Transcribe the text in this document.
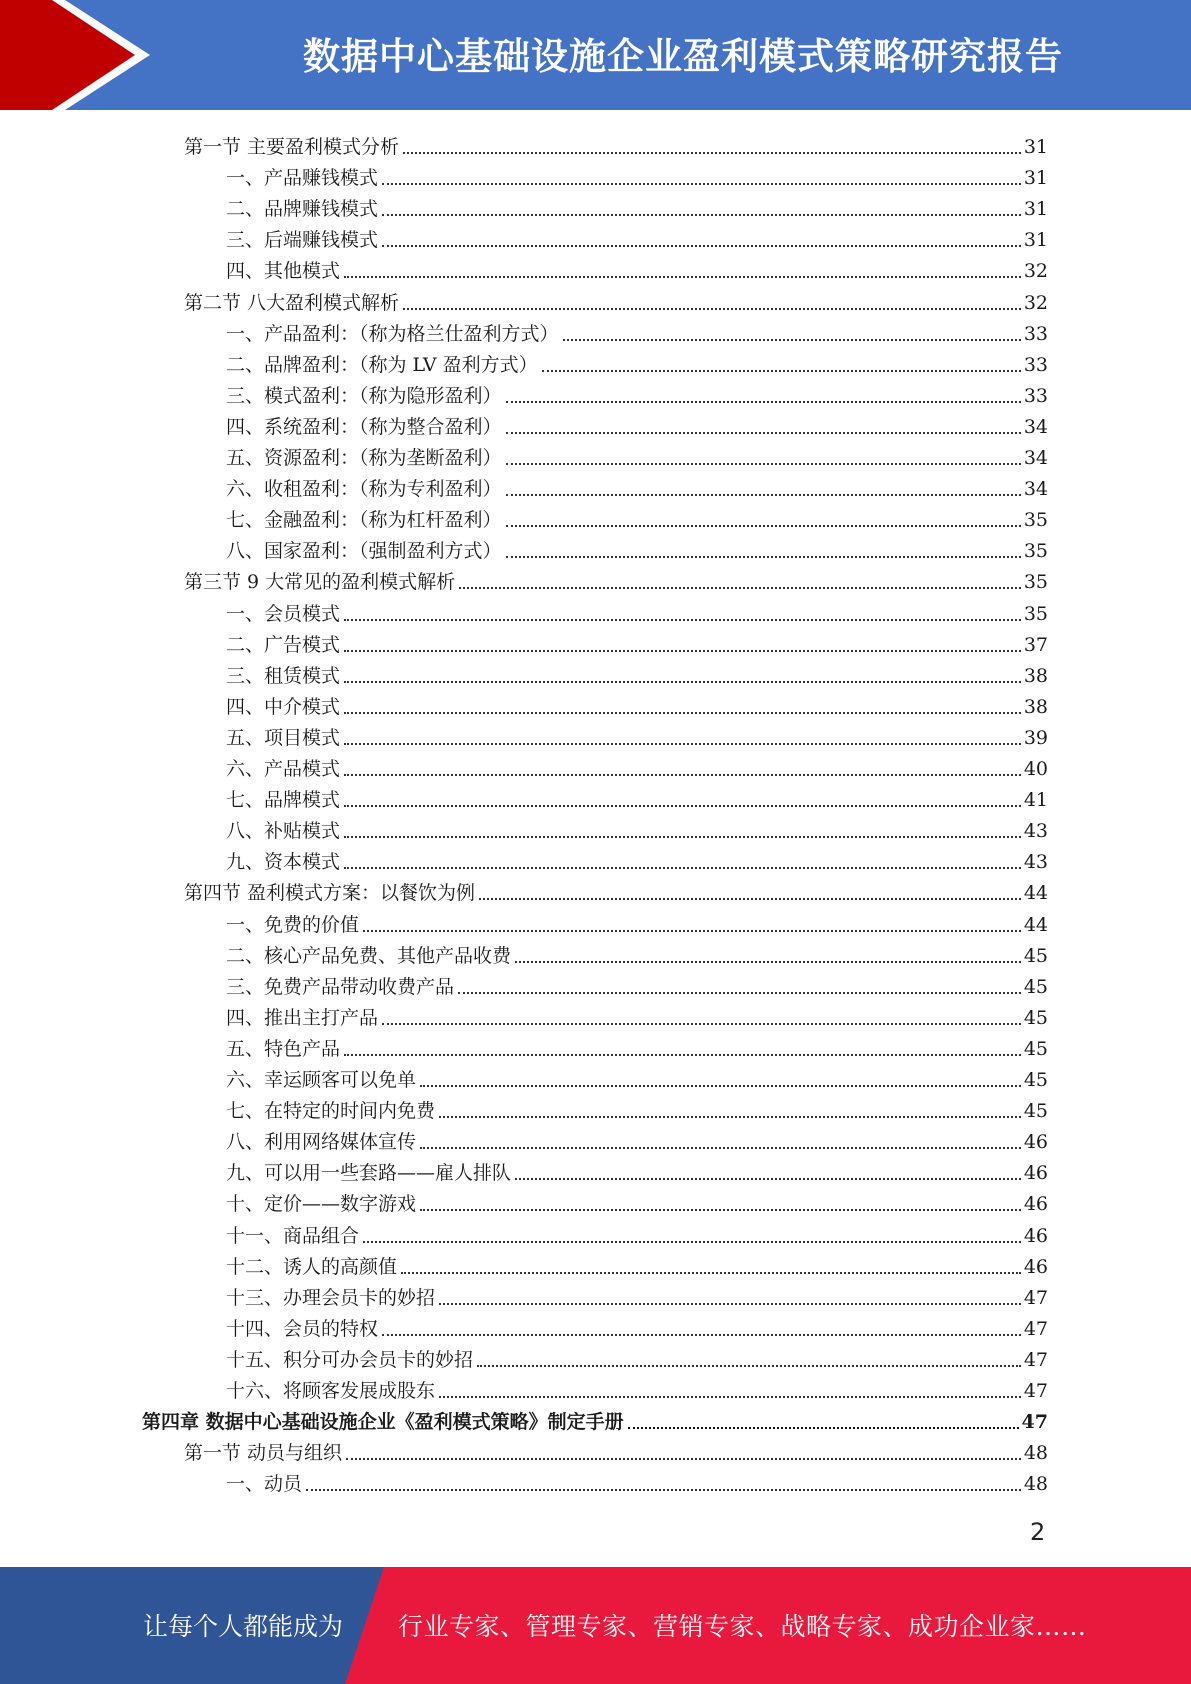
数据中心基础设施企业盈利模式策略研究报告
第一节 主要盈利模式分析	31
一、产品赚钱模式	31
二、品牌赚钱模式	31
三、后端赚钱模式	31
四、其他模式	32
第二节 八大盈利模式解析	32
一、产品盈利：（称为格兰仕盈利方式）	33
二、品牌盈利：（称为 LV 盈利方式）	33
三、模式盈利：（称为隐形盈利）	33
四、系统盈利：（称为整合盈利）	34
五、资源盈利：（称为垄断盈利）	34
六、收租盈利：（称为专利盈利）	34
七、金融盈利：（称为杠杆盈利）	35
八、国家盈利：（强制盈利方式）	35
第三节 9 大常见的盈利模式解析	35
一、会员模式	35
二、广告模式	37
三、租赁模式	38
四、中介模式	38
五、项目模式	39
六、产品模式	40
七、品牌模式	41
八、补贴模式	43
九、资本模式	43
第四节 盈利模式方案：以餐饮为例	44
一、免费的价值	44
二、核心产品免费、其他产品收费	45
三、免费产品带动收费产品	45
四、推出主打产品	45
五、特色产品	45
六、幸运顾客可以免单	45
七、在特定的时间内免费	45
八、利用网络媒体宣传	46
九、可以用一些套路——雇人排队	46
十、定价——数字游戏	46
十一、商品组合	46
十二、诱人的高颜值	46
十三、办理会员卡的妙招	47
十四、会员的特权	47
十五、积分可办会员卡的妙招	47
十六、将顾客发展成股东	47
第四章 数据中心基础设施企业《盈利模式策略》制定手册	47
第一节 动员与组织	48
一、动员	48
2
让每个人都能成为 行业专家、管理专家、营销专家、战略专家、成功企业家……
